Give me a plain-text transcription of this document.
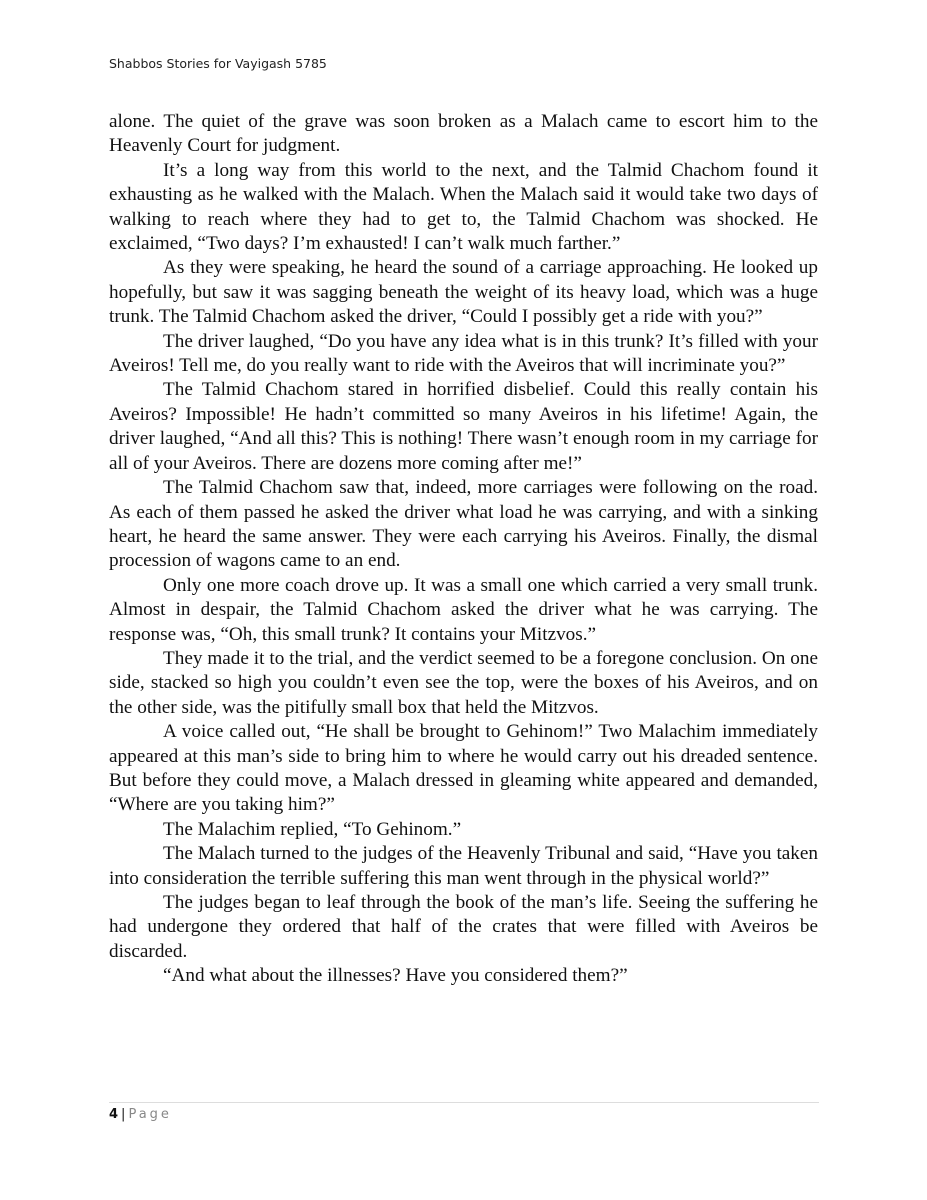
Shabbos Stories for Vayigash 5785

alone. The quiet of the grave was soon broken as a Malach came to escort him to the Heavenly Court for judgment.

It’s a long way from this world to the next, and the Talmid Chachom found it exhausting as he walked with the Malach. When the Malach said it would take two days of walking to reach where they had to get to, the Talmid Chachom was shocked. He exclaimed, “Two days? I’m exhausted! I can’t walk much farther.”

As they were speaking, he heard the sound of a carriage approaching. He looked up hopefully, but saw it was sagging beneath the weight of its heavy load, which was a huge trunk. The Talmid Chachom asked the driver, “Could I possibly get a ride with you?”

The driver laughed, “Do you have any idea what is in this trunk? It’s filled with your Aveiros! Tell me, do you really want to ride with the Aveiros that will incriminate you?”

The Talmid Chachom stared in horrified disbelief. Could this really contain his Aveiros? Impossible! He hadn’t committed so many Aveiros in his lifetime! Again, the driver laughed, “And all this? This is nothing! There wasn’t enough room in my carriage for all of your Aveiros. There are dozens more coming after me!”

The Talmid Chachom saw that, indeed, more carriages were following on the road. As each of them passed he asked the driver what load he was carrying, and with a sinking heart, he heard the same answer. They were each carrying his Aveiros. Finally, the dismal procession of wagons came to an end.

Only one more coach drove up. It was a small one which carried a very small trunk. Almost in despair, the Talmid Chachom asked the driver what he was carrying. The response was, “Oh, this small trunk? It contains your Mitzvos.”

They made it to the trial, and the verdict seemed to be a foregone conclusion. On one side, stacked so high you couldn’t even see the top, were the boxes of his Aveiros, and on the other side, was the pitifully small box that held the Mitzvos.

A voice called out, “He shall be brought to Gehinom!” Two Malachim immediately appeared at this man’s side to bring him to where he would carry out his dreaded sentence. But before they could move, a Malach dressed in gleaming white appeared and demanded, “Where are you taking him?”

The Malachim replied, “To Gehinom.”

The Malach turned to the judges of the Heavenly Tribunal and said, “Have you taken into consideration the terrible suffering this man went through in the physical world?”

The judges began to leaf through the book of the man’s life. Seeing the suffering he had undergone they ordered that half of the crates that were filled with Aveiros be discarded.

“And what about the illnesses? Have you considered them?”

4 | Page
